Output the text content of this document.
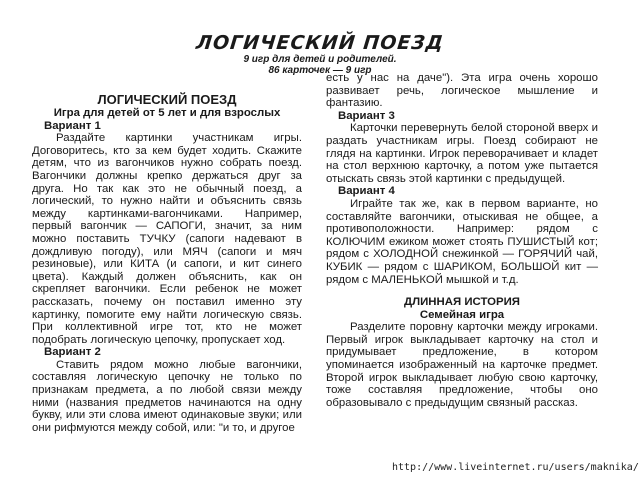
ЛОГИЧЕСКИЙ ПОЕЗД
9 игр для детей и родителей.
86 карточек — 9 игр

ЛОГИЧЕСКИЙ ПОЕЗД

Игра для детей от 5 лет и для взрослых

Вариант 1

Раздайте картинки участникам игры. Договоритесь, кто за кем будет ходить. Скажите детям, что из вагончиков нужно собрать поезд. Вагончики должны крепко держаться друг за друга. Но так как это не обычный поезд, а логический, то нужно найти и объяснить связь между картинками-вагончиками. Например, первый вагончик — САПОГИ, значит, за ним можно поставить ТУЧКУ (сапоги надевают в дождливую погоду), или МЯЧ (сапоги и мяч резиновые), или КИТА (и сапоги, и кит синего цвета). Каждый должен объяснить, как он скрепляет вагончики. Если ребенок не может рассказать, почему он поставил именно эту картинку, помогите ему найти логическую связь. При коллективной игре тот, кто не может подобрать логическую цепочку, пропускает ход.

Вариант 2

Ставить рядом можно любые вагончики, составляя логическую цепочку не только по признакам предмета, а по любой связи между ними (названия предметов начинаются на одну букву, или эти слова имеют одинаковые звуки; или они рифмуются между собой, или: "и то, и другое

есть у нас на даче"). Эта игра очень хорошо развивает речь, логическое мышление и фантазию.

Вариант 3

Карточки перевернуть белой стороной вверх и раздать участникам игры. Поезд собирают не глядя на картинки. Игрок переворачивает и кладет на стол верхнюю карточку, а потом уже пытается отыскать связь этой картинки с предыдущей.

Вариант 4

Играйте так же, как в первом варианте, но составляйте вагончики, отыскивая не общее, а противоположности. Например: рядом с КОЛЮЧИМ ежиком может стоять ПУШИСТЫЙ кот; рядом с ХОЛОДНОЙ снежинкой — ГОРЯЧИЙ чай, КУБИК — рядом с ШАРИКОМ, БОЛЬШОЙ кит — рядом с МАЛЕНЬКОЙ мышкой и т.д.

ДЛИННАЯ ИСТОРИЯ

Семейная игра

Разделите поровну карточки между игроками. Первый игрок выкладывает карточку на стол и придумывает предложение, в котором упоминается изображенный на карточке предмет. Второй игрок выкладывает любую свою карточку, тоже составляя предложение, чтобы оно образовывало с предыдущим связный рассказ.

http://www.liveinternet.ru/users/maknika/
